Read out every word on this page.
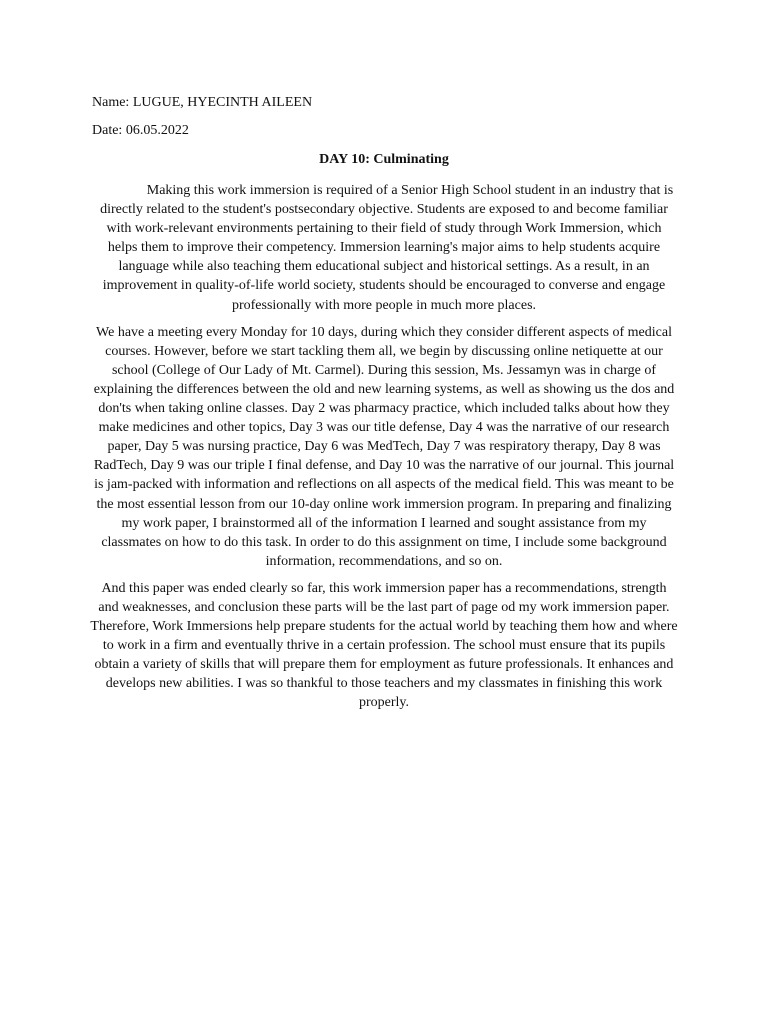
Name: LUGUE, HYECINTH AILEEN
Date: 06.05.2022
DAY 10: Culminating

Making this work immersion is required of a Senior High School student in an industry that is directly related to the student's postsecondary objective. Students are exposed to and become familiar with work-relevant environments pertaining to their field of study through Work Immersion, which helps them to improve their competency. Immersion learning's major aims to help students acquire language while also teaching them educational subject and historical settings. As a result, in an improvement in quality-of-life world society, students should be encouraged to converse and engage professionally with more people in much more places.

We have a meeting every Monday for 10 days, during which they consider different aspects of medical courses. However, before we start tackling them all, we begin by discussing online netiquette at our school (College of Our Lady of Mt. Carmel). During this session, Ms. Jessamyn was in charge of explaining the differences between the old and new learning systems, as well as showing us the dos and don'ts when taking online classes. Day 2 was pharmacy practice, which included talks about how they make medicines and other topics, Day 3 was our title defense, Day 4 was the narrative of our research paper, Day 5 was nursing practice, Day 6 was MedTech, Day 7 was respiratory therapy, Day 8 was RadTech, Day 9 was our triple I final defense, and Day 10 was the narrative of our journal. This journal is jam-packed with information and reflections on all aspects of the medical field. This was meant to be the most essential lesson from our 10-day online work immersion program. In preparing and finalizing my work paper, I brainstormed all of the information I learned and sought assistance from my classmates on how to do this task. In order to do this assignment on time, I include some background information, recommendations, and so on.

And this paper was ended clearly so far, this work immersion paper has a recommendations, strength and weaknesses, and conclusion these parts will be the last part of page od my work immersion paper. Therefore, Work Immersions help prepare students for the actual world by teaching them how and where to work in a firm and eventually thrive in a certain profession. The school must ensure that its pupils obtain a variety of skills that will prepare them for employment as future professionals. It enhances and develops new abilities. I was so thankful to those teachers and my classmates in finishing this work properly.
